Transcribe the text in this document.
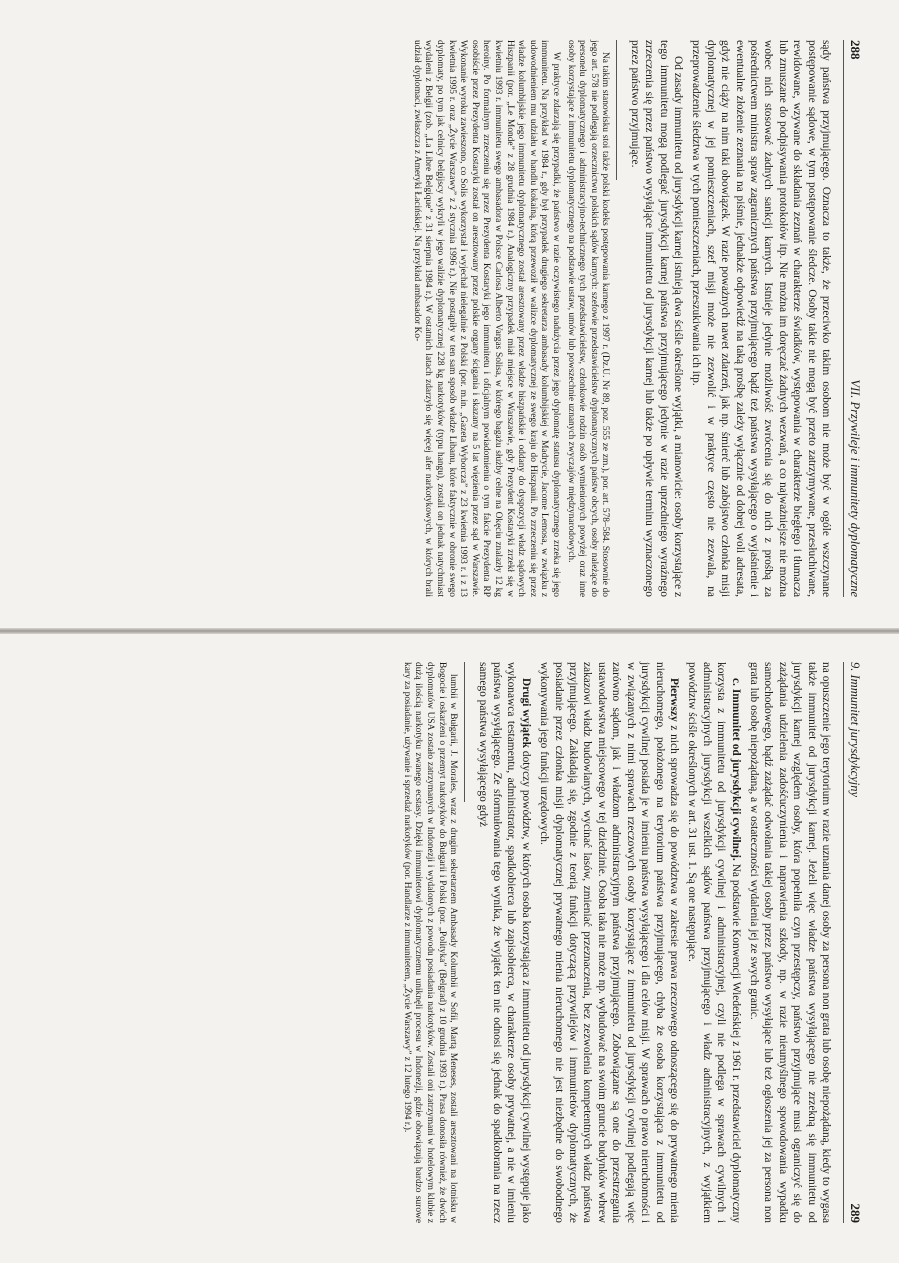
288
VII. Przywileje i immunitety dyplomatyczne

sądy państwa przyjmującego. Oznacza to także, że przeciwko takim osobom nie może być w ogóle wszczynane postępowanie sądowe, w tym postępowanie śledcze. Osoby takie nie mogą być przeto zatrzymywane, przesłuchiwane, rewidowane, wzywane do składania zeznań w charakterze świadków, występowania w charakterze biegłego i tłumacza lub zmuszane do podpisywania protokołów itp. Nie można im doręczać żadnych wezwań, a co najważniejsze nie można wobec nich stosować żadnych sankcji karnych. Istnieje jedynie możliwość zwrócenia się do nich z prośbą za pośrednictwem ministra spraw zagranicznych państwa przyjmującego bądź też państwa wysyłającego o wyjaśnienie i ewentualne złożenie zeznania na piśmie, jednakże odpowiedź na taką prośbę zależy wyłącznie od dobrej woli adresata, gdyż nie ciąży na nim taki obowiązek. W razie poważnych nawet zdarzeń, jak np. śmierć lub zabójstwo członka misji dyplomatycznej w jej pomieszczeniach, szef misji może nie zezwolić i w praktyce często nie zezwala, na przeprowadzenie śledztwa w tych pomieszczeniach, przeszukiwania ich itp.

Od zasady immunitetu od jurysdykcji karnej istnieją dwa ściśle określone wyjątki, a mianowicie: osoby korzystające z tego immunitetu mogą podlegać jurysdykcji karnej państwa przyjmującego jedynie w razie uprzedniego wyraźnego zrzeczenia się przez państwo wysyłające immunitetu od jurysdykcji karnej lub także po upływie terminu wyznaczonego przez państwo przyjmujące.

Na takim stanowisku stoi także polski kodeks postępowania karnego z 1997 r. (Dz.U. Nr 89, poz. 555 ze zm.), por. art. 578–584. Stosownie do jego art. 578 nie podlegają orzecznictwu polskich sądów karnych: szefowie przedstawicielstw dyplomatycznych państw obcych, osoby należące do personelu dyplomatycznego i administracyjno-technicznego tych przedstawicielstw, członkowie rodzin osób wymienionych powyżej oraz inne osoby korzystające z immunitetu dyplomatycznego na podstawie ustaw, umów lub powszechnie uznanych zwyczajów międzynarodowych.

W praktyce zdarzają się przypadki, że państwo w razie oczywistego nadużycia przez jego dyplomatę statusu dyplomatycznego zrzeka się jego immunitetu. Na przykład w 1984 r., gdy był przypadek drugiego sekretarza ambasady kolumbijskiej w Madrycie, Jacome Lemosa, w związku z udowodnieniem mu udziału w handlu kokainą, którą przewoził w walizce dyplomatycznej ze swego kraju do Hiszpanii. Po zrzeczeniu się przez władze kolumbijskie jego immunitetu dyplomatycznego został aresztowany przez władze hiszpańskie i oddany do dyspozycji władz sądowych Hiszpanii (por. „Le Monde” z 28 grudnia 1984 r.). Analogiczny przypadek miał miejsce w Warszawie, gdy Prezydent Kostaryki zrzekł się w kwietniu 1993 r. immunitetu swego ambasadora w Polsce Carlosa Alberto Vargas Solisa, w którego bagażu służby celne na Okęciu znalazły 12 kg heroiny. Po formalnym zrzeczeniu się przez Prezydenta Kostaryki jego immunitetu i oficjalnym powiadomieniu o tym fakcie Prezydenta RP osobiście przez Prezydenta Kostaryki został on aresztowany przez polskie organy ścigania i skazany na 5 lat więzienia przez sąd w Warszawie. Wykonanie wyroku zawieszono, co Solis wykorzystał i wyjechał nielegalnie z Polski (por. m.in. „Gazeta Wyborcza” z 23 kwietnia 1993 r. i z 13 kwietnia 1995 r. oraz „Życie Warszawy” z 2 stycznia 1996 r.). Nie postąpiły w ten sam sposób władze Libanu, które faktycznie w obronie swego dyplomaty, po tym jak celnicy belgijscy wykryli w jego walizie dyplomatycznej 228 kg narkotyków (typu hangu), zostali on jednak natychmiast wydaleni z Belgii (zob. „La Libre Belgique” z 31 sierpnia 1984 r.). W ostatnich latach zdarzyło się więcej afer narkotykowych, w których brali udział dyplomaci, zwłaszcza z Ameryki Łacińskiej. Na przykład ambasador Ko-

9. Immunitet jurysdykcyjny
289

na opuszczenie jego terytorium w razie uznania danej osoby za persona non grata lub osobę niepożądaną, kiedy to wygasa także immunitet od jurysdykcji karnej. Jeżeli więc władze państwa wysyłającego nie zrzekną się immunitetu od jurysdykcji karnej względem osoby, która popełniła czyn przestępczy, państwo przyjmujące musi ograniczyć się do zażądania udzielenia zadośćuczynienia i naprawienia szkody, np. w razie nieumyślnego spowodowania wypadku samochodowego, bądź zażądać odwołania takiej osoby przez państwo wysyłające lub też ogłoszenia jej za persona non grata lub osobę niepożądaną, a w ostateczności wydalenia jej ze swych granic.

c. Immunitet od jurysdykcji cywilnej. Na podstawie Konwencji Wiedeńskiej z 1961 r. przedstawiciel dyplomatyczny korzysta z immunitetu od jurysdykcji cywilnej i administracyjnej, czyli nie podlega w sprawach cywilnych i administracyjnych jurysdykcji wszelkich sądów państwa przyjmującego i władz administracyjnych, z wyjątkiem powództw ściśle określonych w art. 31 ust. 1. Są one następujące.

Pierwszy z nich sprowadza się do powództwa w zakresie prawa rzeczowego odnoszącego się do prywatnego mienia nieruchomego, położonego na terytorium państwa przyjmującego, chyba że osoba korzystająca z immunitetu od jurysdykcji cywilnej posiada je w imieniu państwa wysyłającego i dla celów misji. W sprawach o prawo nieruchomości i w związanych z nimi sprawach rzeczowych osoby korzystające z immunitetu od jurysdykcji cywilnej podlegają więc zarówno sądom, jak i władzom administracyjnym państwa przyjmującego. Zobowiązane są one do przestrzegania ustawodawstwa miejscowego w tej dziedzinie. Osoba taka nie może np. wybudować na swoim gruncie budynków wbrew zakazowi władz budowlanych, wycinać lasów, zmieniać przeznaczenia, bez zezwolenia kompetentnych władz państwa przyjmującego. Zakładają się, zgodnie z teorią funkcji dotyczącą przywilejów i immunitetów dyplomatycznych, że posiadanie przez członka misji dyplomatycznej prywatnego mienia nieruchomego nie jest niezbędne do swobodnego wykonywania jego funkcji urzędowych.

Drugi wyjątek dotyczy powództw, w których osoba korzystająca z immunitetu od jurysdykcji cywilnej występuje jako wykonawca testamentu, administrator, spadkobierca lub zapisobierca, w charakterze osoby prywatnej, a nie w imieniu państwa wysyłającego. Ze sformułowania tego wynika, że wyjątek ten nie odnosi się jednak do spadkobrania na rzecz samego państwa wysyłającego gdyż

lumbii w Bułgarii, J. Morales, wraz z drugim sekretarzem Ambasady Kolumbii w Sofii, Martą Meneses, zostali aresztowani na lotnisku w Bogocie i oskarżeni o przemyt narkotyków do Bułgarii i Polski (por. „Polityka” (Belgrad) z 10 grudnia 1993 r.). Prasa donosiła również, że dwóch dyplomatów USA zostało zatrzymanych w Indonezji i wydalonych z powodu posiadania narkotyków. Zostali oni zatrzymani w hotelowym klubie z dużą ilością narkotyku zwanego ecstasy. Dzięki immunitetowi dyplomatycznemu uniknęli procesu w Indonezji, gdzie obowiązują bardzo surowe kary za posiadanie, używanie i sprzedaż narkotyków (por. Handlarze z immunitetem, „Życie Warszawy” z 12 lutego 1994 r.).
